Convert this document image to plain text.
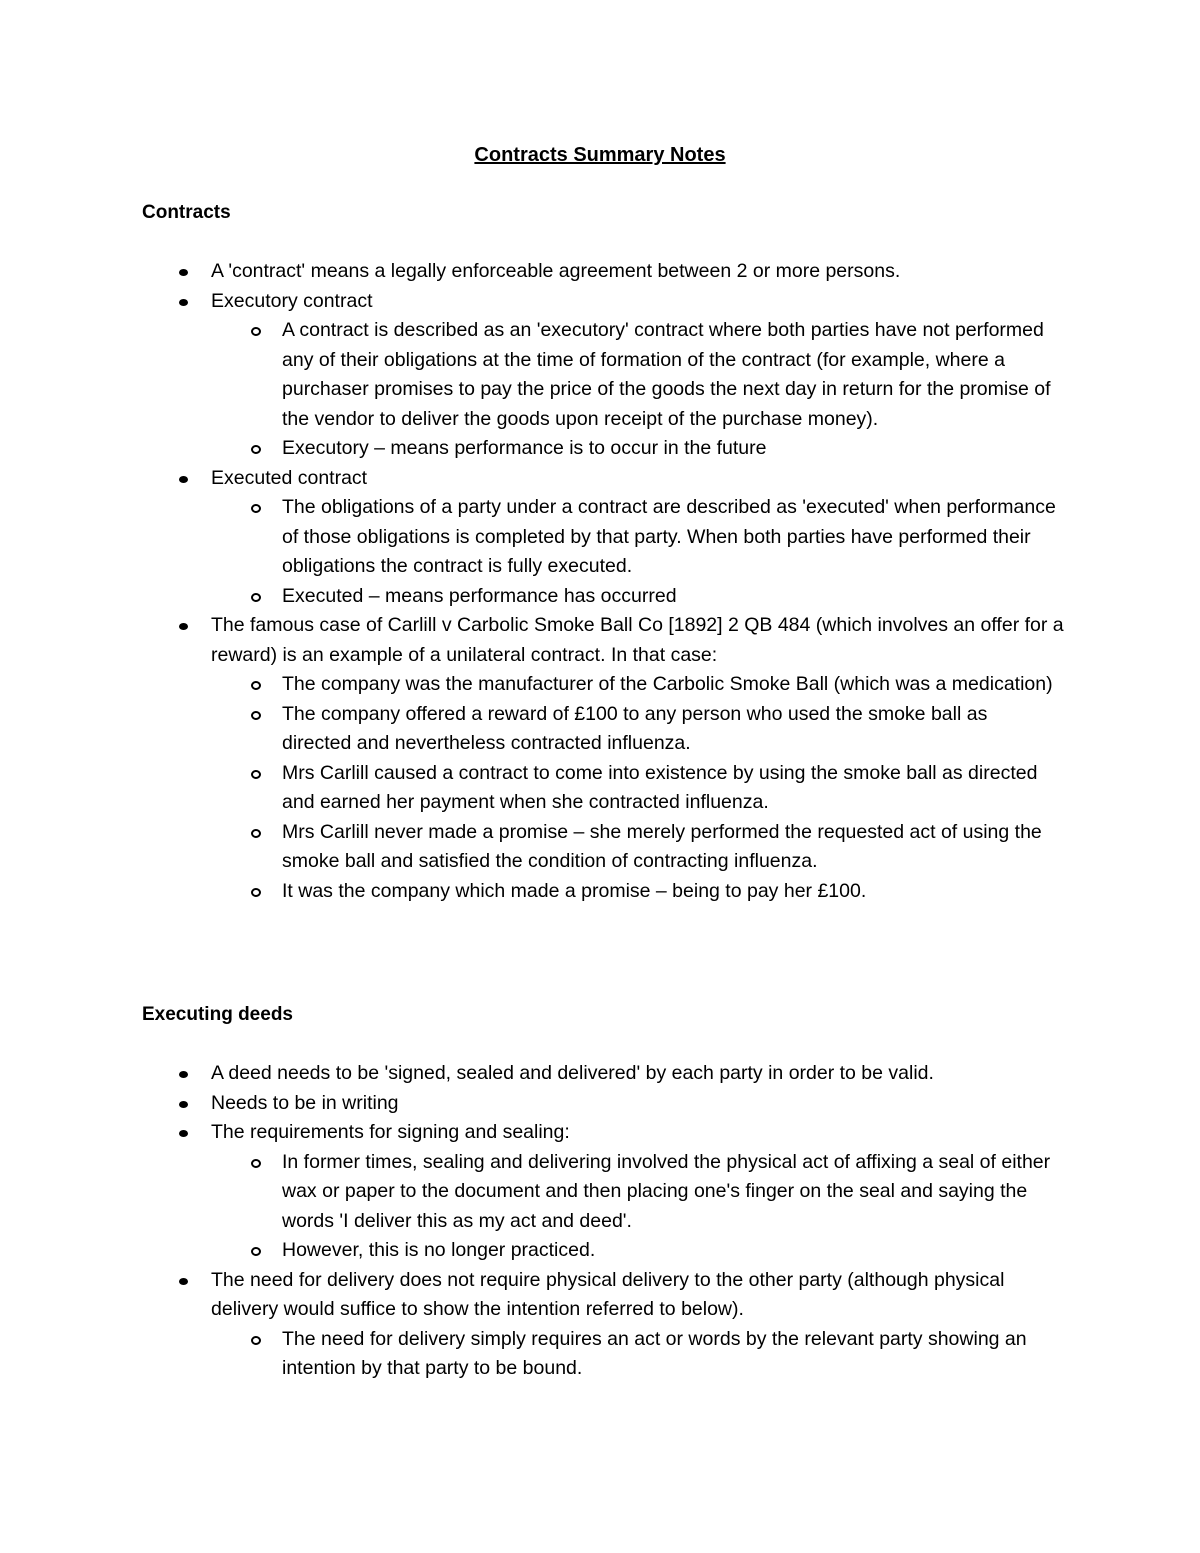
Contracts Summary Notes
Contracts
A 'contract' means a legally enforceable agreement between 2 or more persons.
Executory contract
A contract is described as an 'executory' contract where both parties have not performed any of their obligations at the time of formation of the contract (for example, where a purchaser promises to pay the price of the goods the next day in return for the promise of the vendor to deliver the goods upon receipt of the purchase money).
Executory – means performance is to occur in the future
Executed contract
The obligations of a party under a contract are described as 'executed' when performance of those obligations is completed by that party. When both parties have performed their obligations the contract is fully executed.
Executed – means performance has occurred
The famous case of Carlill v Carbolic Smoke Ball Co [1892] 2 QB 484 (which involves an offer for a reward) is an example of a unilateral contract. In that case:
The company was the manufacturer of the Carbolic Smoke Ball (which was a medication)
The company offered a reward of £100 to any person who used the smoke ball as directed and nevertheless contracted influenza.
Mrs Carlill caused a contract to come into existence by using the smoke ball as directed and earned her payment when she contracted influenza.
Mrs Carlill never made a promise – she merely performed the requested act of using the smoke ball and satisfied the condition of contracting influenza.
It was the company which made a promise – being to pay her £100.
Executing deeds
A deed needs to be 'signed, sealed and delivered' by each party in order to be valid.
Needs to be in writing
The requirements for signing and sealing:
In former times, sealing and delivering involved the physical act of affixing a seal of either wax or paper to the document and then placing one's finger on the seal and saying the words 'I deliver this as my act and deed'.
However, this is no longer practiced.
The need for delivery does not require physical delivery to the other party (although physical delivery would suffice to show the intention referred to below).
The need for delivery simply requires an act or words by the relevant party showing an intention by that party to be bound.
